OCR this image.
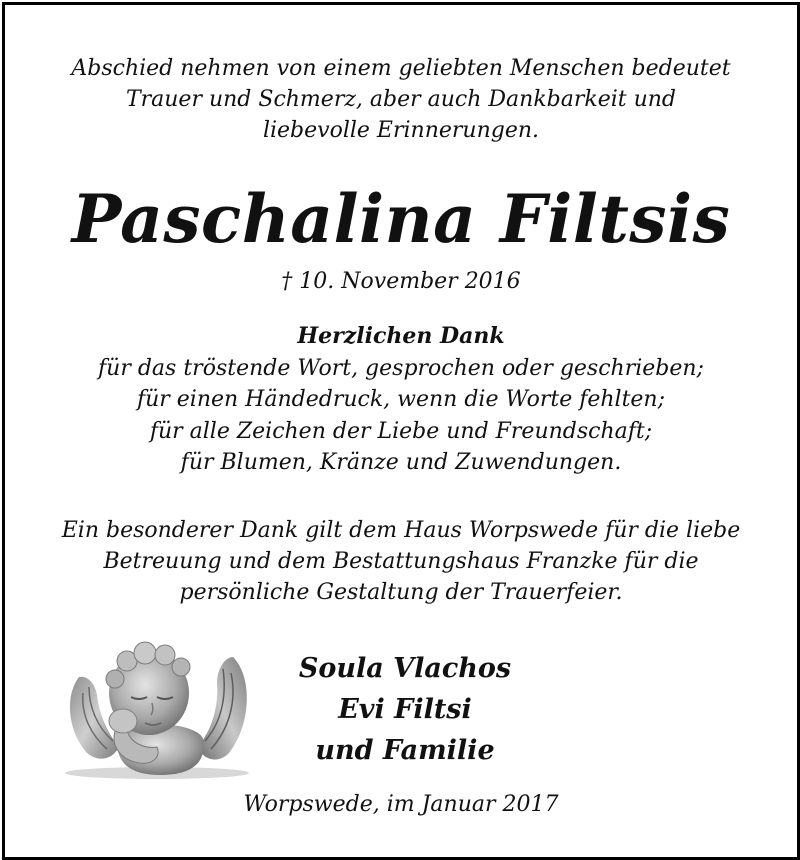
Abschied nehmen von einem geliebten Menschen bedeutet
Trauer und Schmerz, aber auch Dankbarkeit und
liebevolle Erinnerungen.
Paschalina Filtsis
† 10. November 2016
Herzlichen Dank
für das tröstende Wort, gesprochen oder geschrieben;
für einen Händedruck, wenn die Worte fehlten;
für alle Zeichen der Liebe und Freundschaft;
für Blumen, Kränze und Zuwendungen.
Ein besonderer Dank gilt dem Haus Worpswede für die liebe
Betreuung und dem Bestattungshaus Franzke für die
persönliche Gestaltung der Trauerfeier.
Soula Vlachos
Evi Filtsi
und Familie
Worpswede, im Januar 2017
